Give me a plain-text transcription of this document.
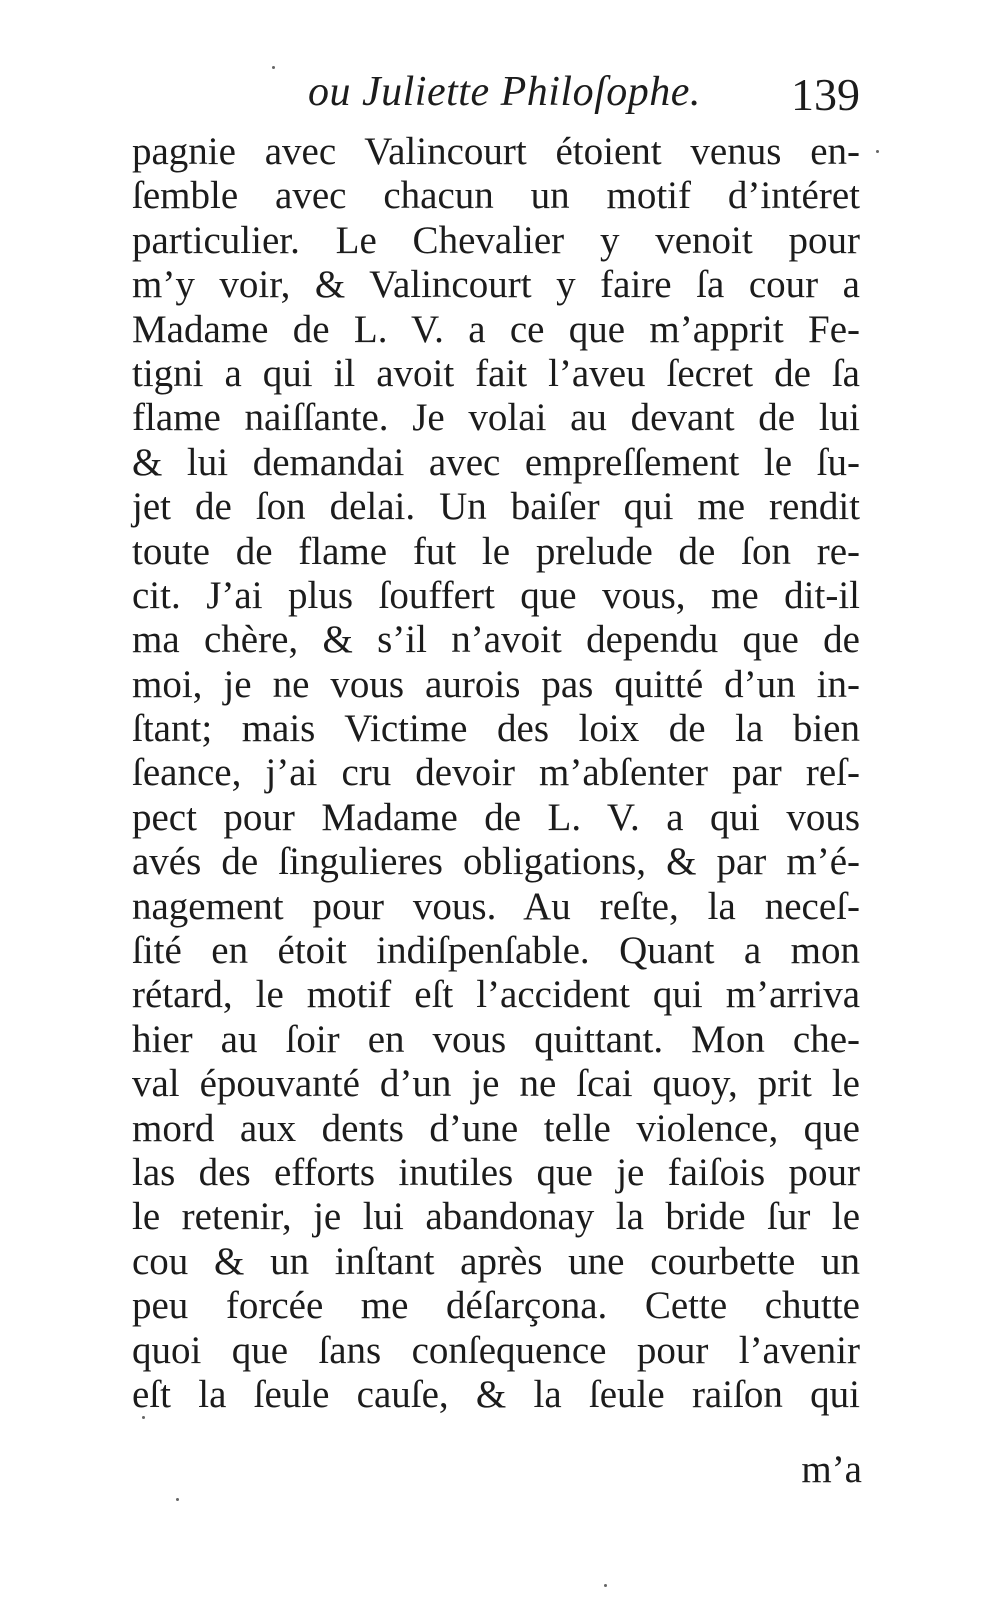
ou Juliette Philoſophe. 139
pagnie avec Valincourt étoient venus en-
ſemble avec chacun un motif d’intéret
particulier. Le Chevalier y venoit pour
m’y voir, & Valincourt y faire ſa cour a
Madame de L. V. a ce que m’apprit Fe-
tigni a qui il avoit fait l’aveu ſecret de ſa
flame naiſſante. Je volai au devant de lui
& lui demandai avec empreſſement le ſu-
jet de ſon delai. Un baiſer qui me rendit
toute de flame fut le prelude de ſon re-
cit. J’ai plus ſouffert que vous, me dit-il
ma chère, & s’il n’avoit dependu que de
moi, je ne vous aurois pas quitté d’un in-
ſtant; mais Victime des loix de la bien
ſeance, j’ai cru devoir m’abſenter par reſ-
pect pour Madame de L. V. a qui vous
avés de ſingulieres obligations, & par m’é-
nagement pour vous. Au reſte, la neceſ-
ſité en étoit indiſpenſable. Quant a mon
rétard, le motif eſt l’accident qui m’arriva
hier au ſoir en vous quittant. Mon che-
val épouvanté d’un je ne ſcai quoy, prit le
mord aux dents d’une telle violence, que
las des efforts inutiles que je faiſois pour
le retenir, je lui abandonay la bride ſur le
cou & un inſtant après une courbette un
peu forcée me déſarçona. Cette chutte
quoi que ſans conſequence pour l’avenir
eſt la ſeule cauſe, & la ſeule raiſon qui
m’a
